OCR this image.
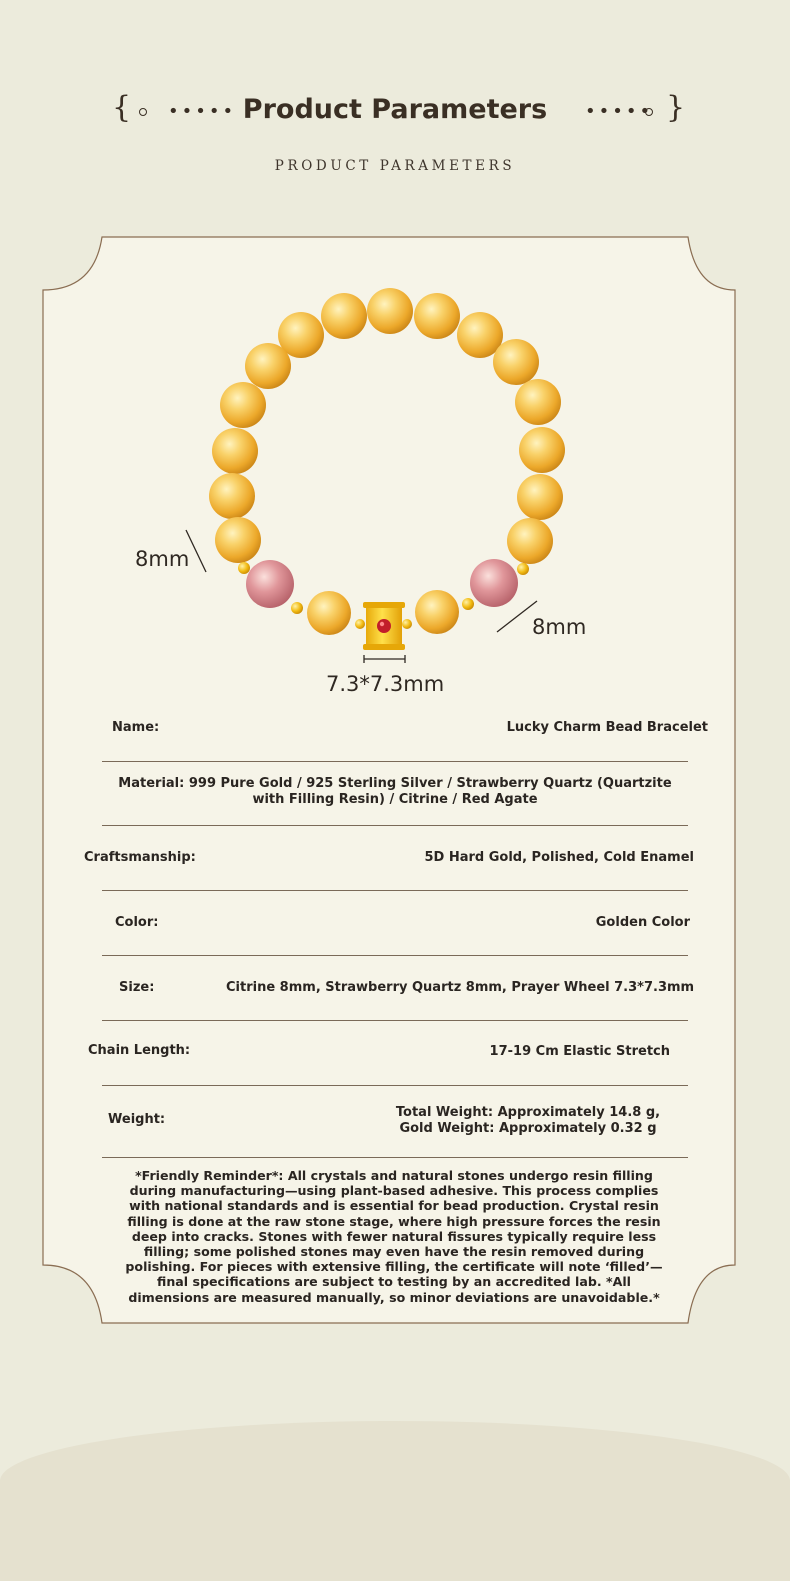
{ ••••• Product Parameters	••••• }
PRODUCT PARAMETERS
8mm
8mm
7.3*7.3mm
Name:	Lucky Charm Bead Bracelet
Material: 999 Pure Gold / 925 Sterling Silver / Strawberry Quartz (Quartzite with Filling Resin) / Citrine / Red Agate
Craftsmanship:	5D Hard Gold, Polished, Cold Enamel
Color:	Golden Color
Size:	Citrine 8mm, Strawberry Quartz 8mm, Prayer Wheel 7.3*7.3mm
Chain Length:	17-19 Cm Elastic Stretch
Weight:	Total Weight: Approximately 14.8 g, Gold Weight: Approximately 0.32 g
*Friendly Reminder*: All crystals and natural stones undergo resin filling during manufacturing—using plant-based adhesive. This process complies with national standards and is essential for bead production. Crystal resin filling is done at the raw stone stage, where high pressure forces the resin deep into cracks. Stones with fewer natural fissures typically require less filling; some polished stones may even have the resin removed during polishing. For pieces with extensive filling, the certificate will note ‘filled’—final specifications are subject to testing by an accredited lab. *All dimensions are measured manually, so minor deviations are unavoidable.*
